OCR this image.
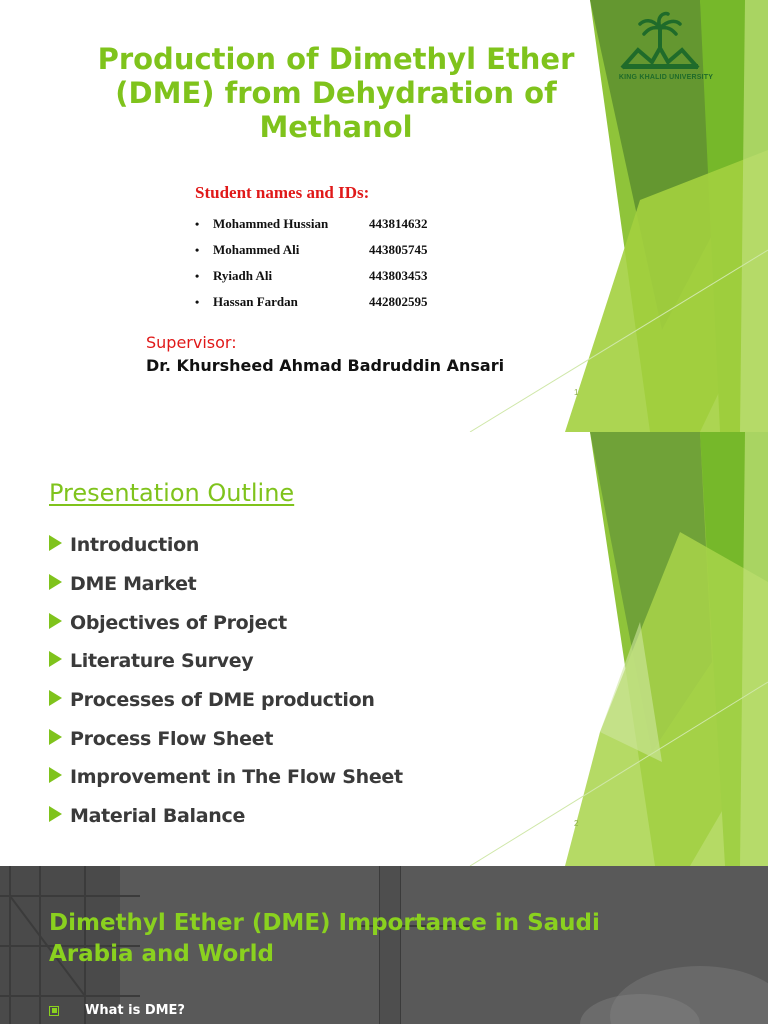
Production of Dimethyl Ether (DME) from Dehydration of Methanol
KING KHALID UNIVERSITY
Student names and IDs:
•	Mohammed Hussian	443814632
•	Mohammed Ali	443805745
•	Ryiadh Ali	443803453
•	Hassan Fardan	442802595
Supervisor:
Dr. Khursheed Ahmad Badruddin Ansari
1
Presentation Outline
Introduction
DME Market
Objectives of Project
Literature Survey
Processes of DME production
Process Flow Sheet
Improvement in The Flow Sheet
Material Balance	2
Dimethyl Ether (DME) Importance in Saudi Arabia and World
What is DME?
